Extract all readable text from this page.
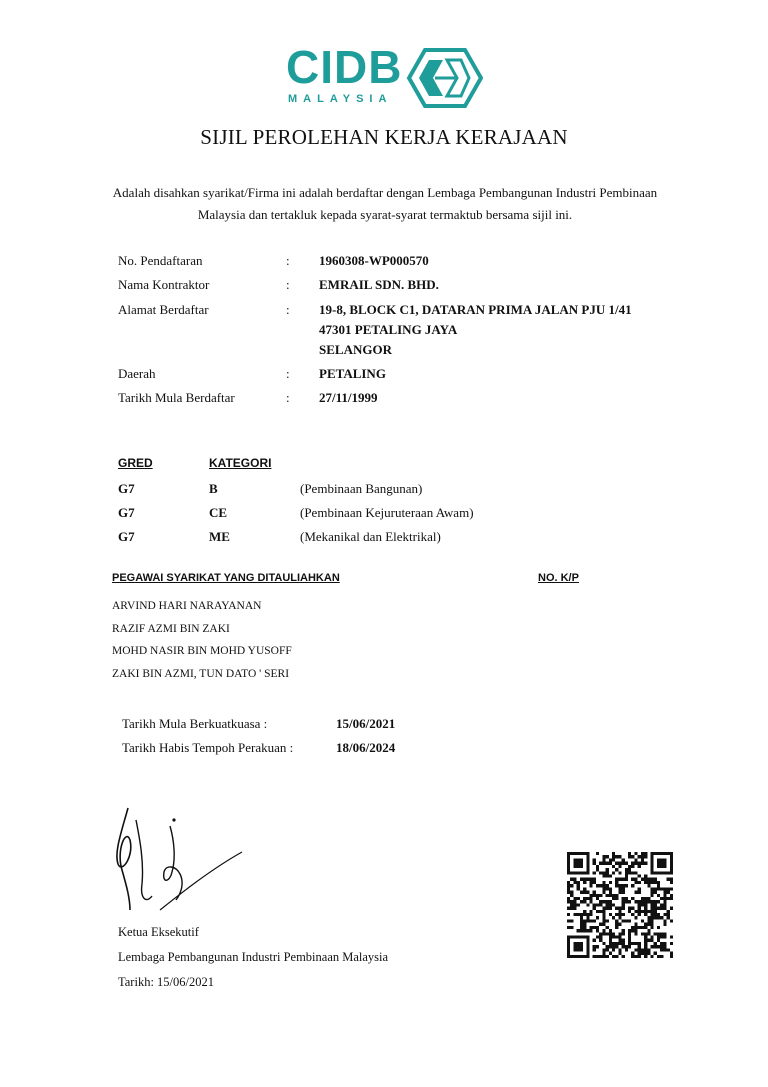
CIDB
MALAYSIA
SIJIL PEROLEHAN KERJA KERAJAAN
Adalah disahkan syarikat/Firma ini adalah berdaftar dengan Lembaga Pembangunan Industri Pembinaan Malaysia dan tertakluk kepada syarat-syarat termaktub bersama sijil ini.
No. Pendaftaran	: 1960308-WP000570
Nama Kontraktor	: EMRAIL SDN. BHD.
Alamat Berdaftar	: 19-8, BLOCK C1, DATARAN PRIMA JALAN PJU 1/41
47301 PETALING JAYA
SELANGOR
Daerah	: PETALING
Tarikh Mula Berdaftar	: 27/11/1999
GRED	KATEGORI
G7	B	(Pembinaan Bangunan)
G7	CE	(Pembinaan Kejuruteraan Awam)
G7	ME	(Mekanikal dan Elektrikal)
PEGAWAI SYARIKAT YANG DITAULIAHKAN	NO. K/P
ARVIND HARI NARAYANAN
RAZIF AZMI BIN ZAKI
MOHD NASIR BIN MOHD YUSOFF
ZAKI BIN AZMI, TUN DATO ' SERI
Tarikh Mula Berkuatkuasa :	15/06/2021
Tarikh Habis Tempoh Perakuan :	18/06/2024
Ketua Eksekutif
Lembaga Pembangunan Industri Pembinaan Malaysia
Tarikh: 15/06/2021
